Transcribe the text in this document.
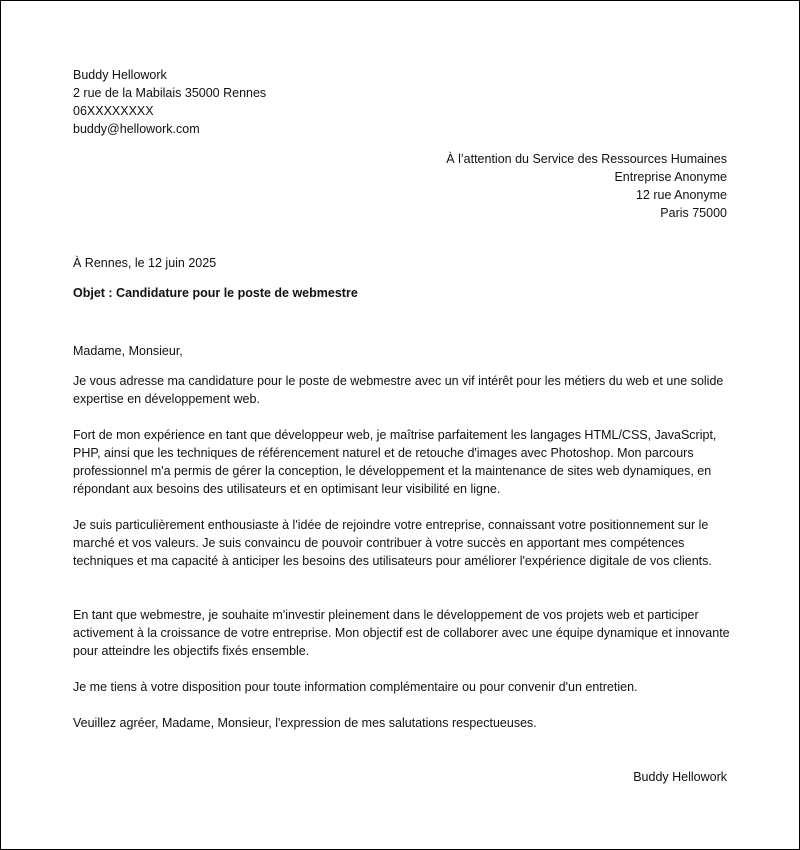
Buddy Hellowork
2 rue de la Mabilais 35000 Rennes
06XXXXXXXX
buddy@hellowork.com
À l’attention du Service des Ressources Humaines
Entreprise Anonyme
12 rue Anonyme
Paris 75000
À Rennes, le 12 juin 2025
Objet : Candidature pour le poste de webmestre
Madame, Monsieur,

Je vous adresse ma candidature pour le poste de webmestre avec un vif intérêt pour les métiers du web et une solide expertise en développement web.

Fort de mon expérience en tant que développeur web, je maîtrise parfaitement les langages HTML/CSS, JavaScript, PHP, ainsi que les techniques de référencement naturel et de retouche d'images avec Photoshop. Mon parcours professionnel m'a permis de gérer la conception, le développement et la maintenance de sites web dynamiques, en répondant aux besoins des utilisateurs et en optimisant leur visibilité en ligne.

Je suis particulièrement enthousiaste à l'idée de rejoindre votre entreprise, connaissant votre positionnement sur le marché et vos valeurs. Je suis convaincu de pouvoir contribuer à votre succès en apportant mes compétences techniques et ma capacité à anticiper les besoins des utilisateurs pour améliorer l'expérience digitale de vos clients.

En tant que webmestre, je souhaite m'investir pleinement dans le développement de vos projets web et participer activement à la croissance de votre entreprise. Mon objectif est de collaborer avec une équipe dynamique et innovante pour atteindre les objectifs fixés ensemble.

Je me tiens à votre disposition pour toute information complémentaire ou pour convenir d'un entretien.

Veuillez agréer, Madame, Monsieur, l'expression de mes salutations respectueuses.

Buddy Hellowork
